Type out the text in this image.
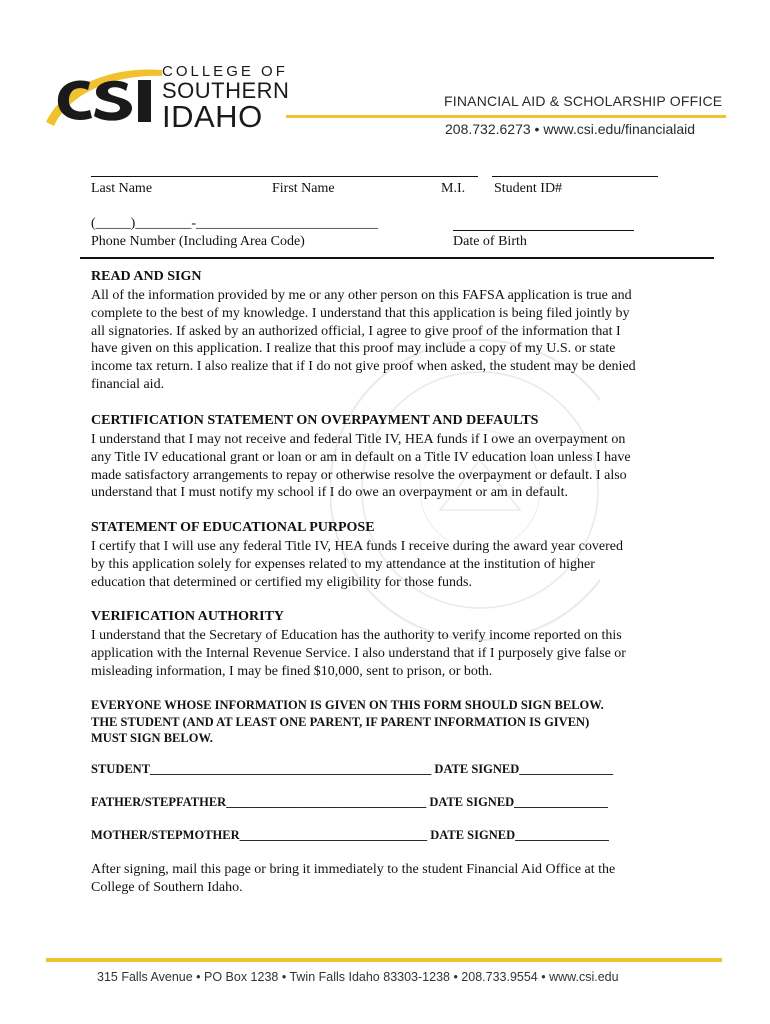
COLLEGE OF
SOUTHERN
IDAHO	FINANCIAL AID & SCHOLARSHIP OFFICE
208.732.6273 • www.csi.edu/financialaid
Last Name	First Name	M.I. Student ID#
(_____)________-__________________________
Phone Number (Including Area Code)	Date of Birth
READ AND SIGN
All of the information provided by me or any other person on this FAFSA application is true and
complete to the best of my knowledge. I understand that this application is being filed jointly by
all signatories. If asked by an authorized official, I agree to give proof of the information that I
have given on this application. I realize that this proof may include a copy of my U.S. or state
income tax return. I also realize that if I do not give proof when asked, the student may be denied
financial aid.
CERTIFICATION STATEMENT ON OVERPAYMENT AND DEFAULTS
I understand that I may not receive and federal Title IV, HEA funds if I owe an overpayment on
any Title IV educational grant or loan or am in default on a Title IV education loan unless I have
made satisfactory arrangements to repay or otherwise resolve the overpayment or default. I also
understand that I must notify my school if I do owe an overpayment or am in default.
STATEMENT OF EDUCATIONAL PURPOSE
I certify that I will use any federal Title IV, HEA funds I receive during the award year covered
by this application solely for expenses related to my attendance at the institution of higher
education that determined or certified my eligibility for those funds.
VERIFICATION AUTHORITY
I understand that the Secretary of Education has the authority to verify income reported on this
application with the Internal Revenue Service. I also understand that if I purposely give false or
misleading information, I may be fined $10,000, sent to prison, or both.
EVERYONE WHOSE INFORMATION IS GIVEN ON THIS FORM SHOULD SIGN BELOW.
THE STUDENT (AND AT LEAST ONE PARENT, IF PARENT INFORMATION IS GIVEN)
MUST SIGN BELOW.
STUDENT_____________________________________________ DATE SIGNED_______________
FATHER/STEPFATHER________________________________ DATE SIGNED_______________
MOTHER/STEPMOTHER______________________________ DATE SIGNED_______________
After signing, mail this page or bring it immediately to the student Financial Aid Office at the
College of Southern Idaho.
315 Falls Avenue • PO Box 1238 • Twin Falls Idaho 83303-1238 • 208.733.9554 • www.csi.edu
